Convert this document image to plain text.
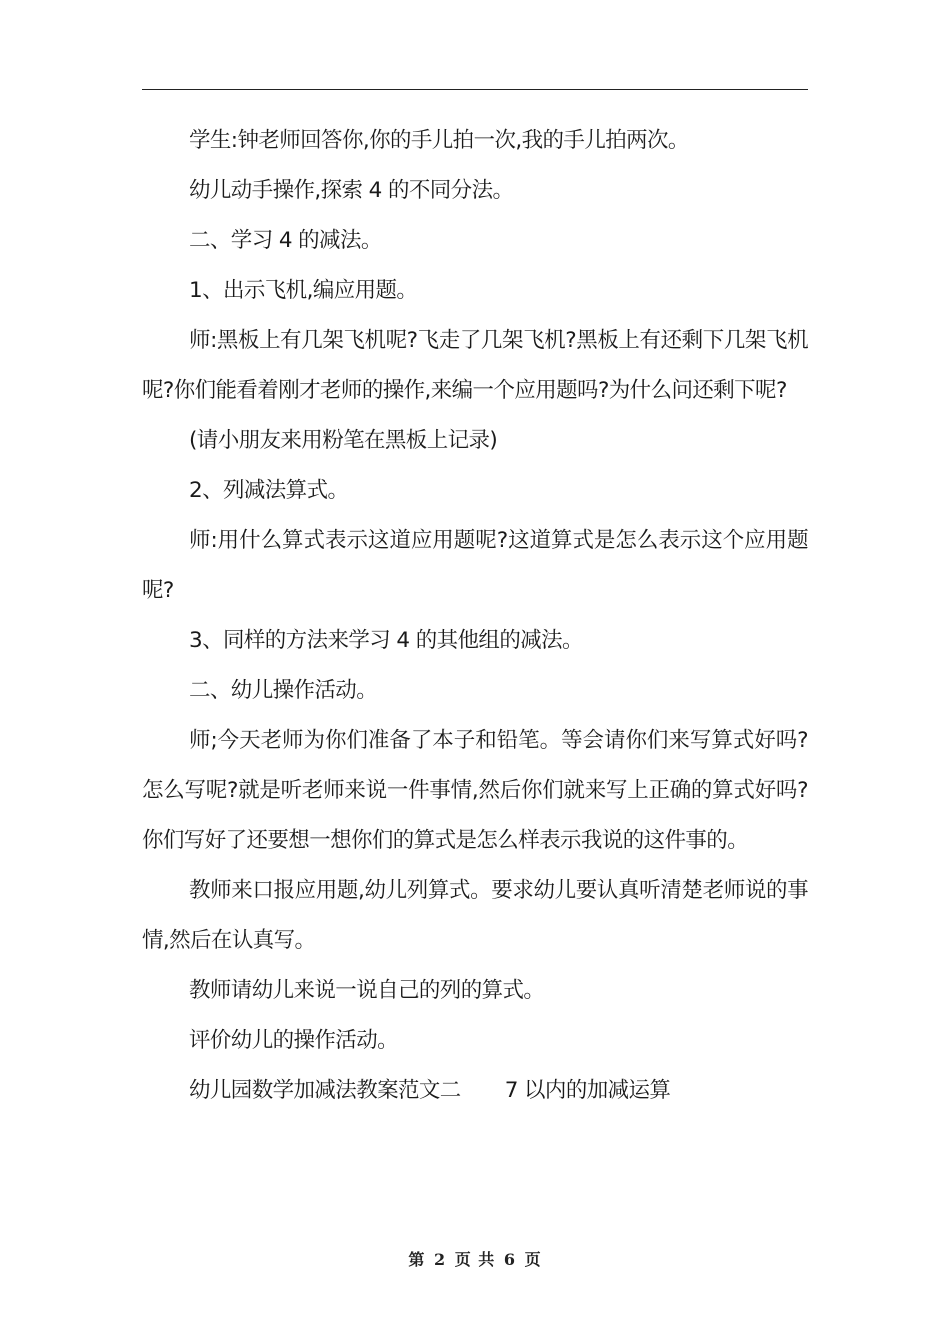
学生:钟老师回答你,你的手儿拍一次,我的手儿拍两次。

幼儿动手操作,探索 4 的不同分法。

二、学习 4 的减法。

1、出示飞机,编应用题。

师:黑板上有几架飞机呢?飞走了几架飞机?黑板上有还剩下几架飞机呢?你们能看着刚才老师的操作,来编一个应用题吗?为什么问还剩下呢?

(请小朋友来用粉笔在黑板上记录)

2、列减法算式。

师:用什么算式表示这道应用题呢?这道算式是怎么表示这个应用题呢?

3、同样的方法来学习 4 的其他组的减法。

二、幼儿操作活动。

师;今天老师为你们准备了本子和铅笔。等会请你们来写算式好吗?怎么写呢?就是听老师来说一件事情,然后你们就来写上正确的算式好吗?你们写好了还要想一想你们的算式是怎么样表示我说的这件事的。

教师来口报应用题,幼儿列算式。要求幼儿要认真听清楚老师说的事情,然后在认真写。

教师请幼儿来说一说自己的列的算式。

评价幼儿的操作活动。

幼儿园数学加减法教案范文二 7 以内的加减运算

第 2 页 共 6 页
